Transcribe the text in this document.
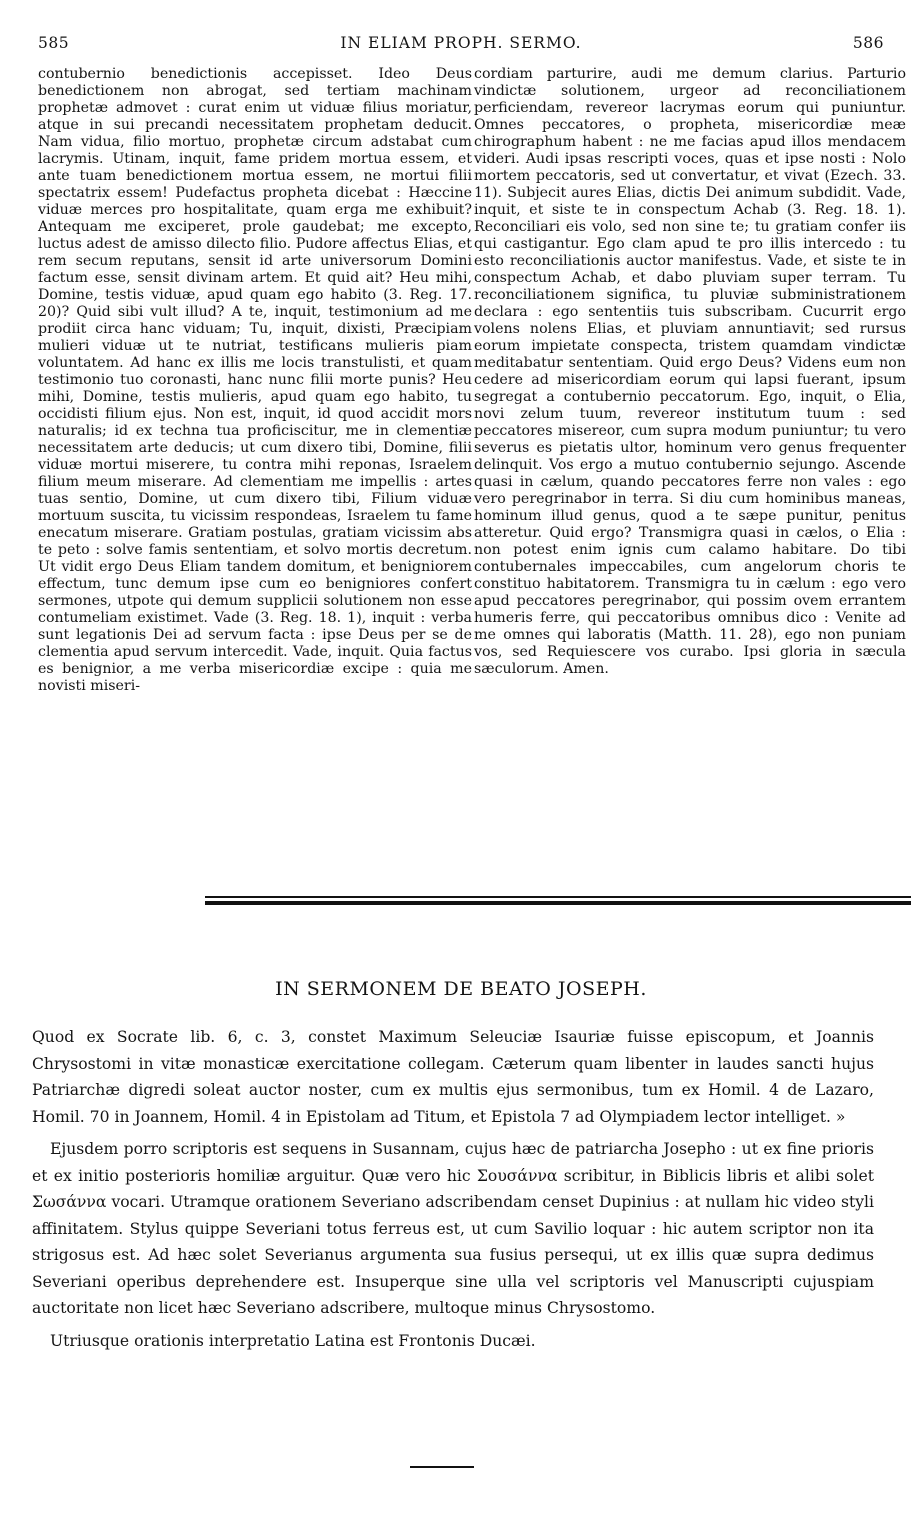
585	IN ELIAM PROPH. SERMO.	586

contubernio benedictionis accepisset. Ideo Deus benedictionem non abrogat, sed tertiam machinam prophetæ admovet : curat enim ut viduæ filius moriatur, atque in sui precandi necessitatem prophetam deducit. Nam vidua, filio mortuo, prophetæ circum adstabat cum lacrymis. Utinam, inquit, fame pridem mortua essem, et ante tuam benedictionem mortua essem, ne mortui filii spectatrix essem! Pudefactus propheta dicebat : Hæccine viduæ merces pro hospitalitate, quam erga me exhibuit? Antequam me exciperet, prole gaudebat; me excepto, luctus adest de amisso dilecto filio. Pudore affectus Elias, et rem secum reputans, sensit id arte universorum Domini factum esse, sensit divinam artem. Et quid ait? Heu mihi, Domine, testis viduæ, apud quam ego habito (3. Reg. 17. 20)? Quid sibi vult illud? A te, inquit, testimonium ad me prodiit circa hanc viduam; Tu, inquit, dixisti, Præcipiam mulieri viduæ ut te nutriat, testificans mulieris piam voluntatem. Ad hanc ex illis me locis transtulisti, et quam testimonio tuo coronasti, hanc nunc filii morte punis? Heu mihi, Domine, testis mulieris, apud quam ego habito, tu occidisti filium ejus. Non est, inquit, id quod accidit mors naturalis; id ex techna tua proficiscitur, me in clementiæ necessitatem arte deducis; ut cum dixero tibi, Domine, filii viduæ mortui miserere, tu contra mihi reponas, Israelem filium meum miserare. Ad clementiam me impellis : artes tuas sentio, Domine, ut cum dixero tibi, Filium viduæ mortuum suscita, tu vicissim respondeas, Israelem tu fame enecatum miserare. Gratiam postulas, gratiam vicissim abs te peto : solve famis sententiam, et solvo mortis decretum. Ut vidit ergo Deus Eliam tandem domitum, et benigniorem effectum, tunc demum ipse cum eo benigniores confert sermones, utpote qui demum supplicii solutionem non esse contumeliam existimet. Vade (3. Reg. 18. 1), inquit : verba sunt legationis Dei ad servum facta : ipse Deus per se de clementia apud servum intercedit. Vade, inquit. Quia factus es benignior, a me verba misericordiæ excipe : quia me novisti miseri-

cordiam parturire, audi me demum clarius. Parturio vindictæ solutionem, urgeor ad reconciliationem perficiendam, revereor lacrymas eorum qui puniuntur. Omnes peccatores, o propheta, misericordiæ meæ chirographum habent : ne me facias apud illos mendacem videri. Audi ipsas rescripti voces, quas et ipse nosti : Nolo mortem peccatoris, sed ut convertatur, et vivat (Ezech. 33. 11). Subjecit aures Elias, dictis Dei animum subdidit. Vade, inquit, et siste te in conspectum Achab (3. Reg. 18. 1). Reconciliari eis volo, sed non sine te; tu gratiam confer iis qui castigantur. Ego clam apud te pro illis intercedo : tu esto reconciliationis auctor manifestus. Vade, et siste te in conspectum Achab, et dabo pluviam super terram. Tu reconciliationem significa, tu pluviæ subministrationem declara : ego sententiis tuis subscribam. Cucurrit ergo volens nolens Elias, et pluviam annuntiavit; sed rursus eorum impietate conspecta, tristem quamdam vindictæ meditabatur sententiam. Quid ergo Deus? Videns eum non cedere ad misericordiam eorum qui lapsi fuerant, ipsum segregat a contubernio peccatorum. Ego, inquit, o Elia, novi zelum tuum, revereor institutum tuum : sed peccatores misereor, cum supra modum puniuntur; tu vero severus es pietatis ultor, hominum vero genus frequenter delinquit. Vos ergo a mutuo contubernio sejungo. Ascende quasi in cælum, quando peccatores ferre non vales : ego vero peregrinabor in terra. Si diu cum hominibus maneas, hominum illud genus, quod a te sæpe punitur, penitus atteretur. Quid ergo? Transmigra quasi in cælos, o Elia : non potest enim ignis cum calamo habitare. Do tibi contubernales impeccabiles, cum angelorum choris te constituo habitatorem. Transmigra tu in cælum : ego vero apud peccatores peregrinabor, qui possim ovem errantem humeris ferre, qui peccatoribus omnibus dico : Venite ad me omnes qui laboratis (Matth. 11. 28), ego non puniam vos, sed Requiescere vos curabo. Ipsi gloria in sæcula sæculorum. Amen.

IN SERMONEM DE BEATO JOSEPH.

Quod ex Socrate lib. 6, c. 3, constet Maximum Seleuciæ Isauriæ fuisse episcopum, et Joannis Chrysostomi in vitæ monasticæ exercitatione collegam. Cæterum quam libenter in laudes sancti hujus Patriarchæ digredi soleat auctor noster, cum ex multis ejus sermonibus, tum ex Homil. 4 de Lazaro, Homil. 70 in Joannem, Homil. 4 in Epistolam ad Titum, et Epistola 7 ad Olympiadem lector intelliget. »

Ejusdem porro scriptoris est sequens in Susannam, cujus hæc de patriarcha Josepho : ut ex fine prioris et ex initio posterioris homiliæ arguitur. Quæ vero hic Σουσάννα scribitur, in Biblicis libris et alibi solet Σωσάννα vocari. Utramque orationem Severiano adscribendam censet Dupinius : at nullam hic video styli affinitatem. Stylus quippe Severiani totus ferreus est, ut cum Savilio loquar : hic autem scriptor non ita strigosus est. Ad hæc solet Severianus argumenta sua fusius persequi, ut ex illis quæ supra dedimus Severiani operibus deprehendere est. Insuperque sine ulla vel scriptoris vel Manuscripti cujuspiam auctoritate non licet hæc Severiano adscribere, multoque minus Chrysostomo.

Utriusque orationis interpretatio Latina est Frontonis Ducæi.
